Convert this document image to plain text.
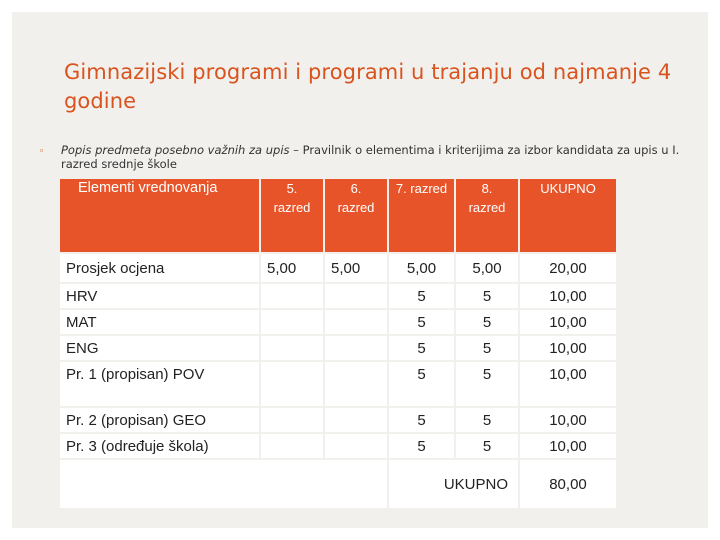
Gimnazijski programi i programi u trajanju od najmanje 4 godine
▫ Popis predmeta posebno važnih za upis – Pravilnik o elementima i kriterijima za izbor kandidata za upis u I. razred srednje škole
Elementi vrednovanja	5. razred	6. razred	7. razred	8. razred	UKUPNO
Prosjek ocjena	5,00	5,00	5,00	5,00	20,00
HRV			5	5	10,00
MAT			5	5	10,00
ENG			5	5	10,00
Pr. 1 (propisan) POV			5	5	10,00
Pr. 2 (propisan) GEO			5	5	10,00
Pr. 3 (određuje škola)			5	5	10,00
			UKUPNO		80,00
